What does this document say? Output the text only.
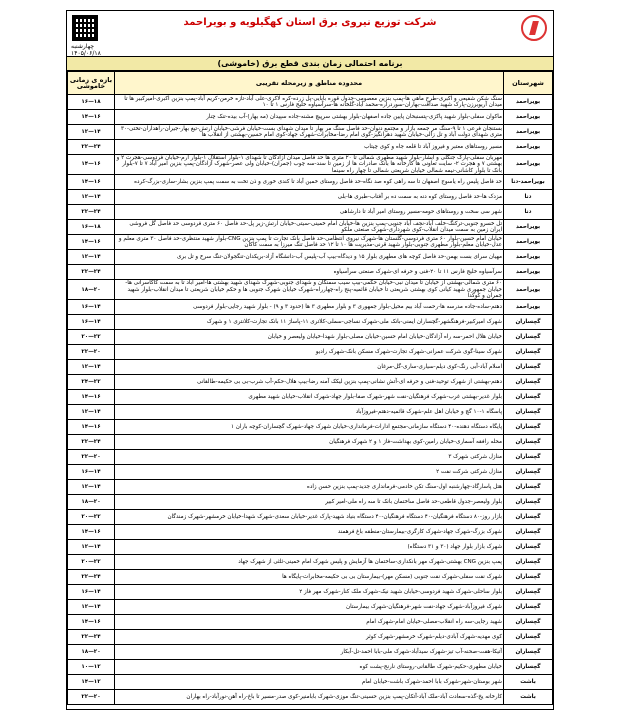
شرکت توزیع نیروی برق استان کهگیلویه و بویراحمد
چهارشنبه
۱۴۰۵/۰۶/۱۸
برنامه احتمالی زمان بندی قطع برق (خاموشی)
شهرستان	محدوده مناطق و زیرمحله تقریبی	بازه ی زمانی خاموشی
بویراحمد	سنگ شکن شفیعی و اکبری-طرح ماهی ها-پمپ بنزین معصومی-جدول قوره بابایی-پل زرده-کره لاکری-علی آباد-تازه خرمن-کریم آباد-پمپ بنزین اکبری-امیرکبیر ها تا میدان آریوبرزن-پارک شهید صداقت-بهاران-سوردراره-محمد آباد-گلخانه ها-سرآسیاوه خلیج فارس ۱ تا ۱۰	۱۶—۱۸
بویراحمد	ماکوان سفلی-بلوار شهید پاکزی-پتسنبحان پایین جاده اصفهان-بلوار بهشتی سرپیچ مشنه-جاده سپیدان (مه بهار)-آب بیده-تنک چنار	۱۴—۱۶
بویراحمد	بستنجان فرعی ۱ تا ۹-سنگ مر جمعه بازار و مجتمع دنوان-حد فاصل سنگ مر بهار تا میدان شهدای بست-خیابان فرشی-خیابان ارتش-تیغ بهار-جیران-راهداران-تختی-۳۰ متری شهدای دولت آباد و تل زالی-خیابان شهید دهرانگیز-گوی امام رضا-مخابرات-شهرک جهاد-کوی امام حسین-بهشتی از انقلاب ها	۱۲—۱۴
بویراحمد	مسیر روستاهای معتبر و فیروز آباد تا قلعه جاه و کوی چیتاب	۲۲—۲۴
بویراحمد	مهربان سفلی-پارک جنگلی و آبشار-بلوار شهید مطهری شمالی تا ۲۰ متری ها حد فاصل میدان آزادگان تا شهدای ۱-بلوار استقلال ۱-بلوار ارم-خیابان فردوسی-هجرت ۲ و بهشتی ۷ و هجرت ۲- سایت تعاونی ها کارخانه ها بانک صادرات ها از زمین تا سند-سه چوب (جمران)-خیابان ولی عصر-شهرک آزادگان-پمپ بنزین امیر آباد ۷ تا ۷-بلوار بانک تا بلوار کاشانی-نیمه شمالی خیابان شریعتی شمالی تا چهار راه سینما	۱۴—۱۶
بویراحمد-دنا	حد فاصل پلیس راه یاسوج اصفهان تا سه راهی کوه صد نگاه-حد فاصل روستای خمین آباد تا کندی خوری و ذن تخت به سمت پمپ بنزین بشار-ساری-بزرگ-کرده	۱۴—۱۶
دنا	مزدک ها-حد فاصل روستای کوه دنه به سمت ده بر آفتاب-طبری ها-بلی	۱۲—۱۴
دنا	شهر سی سخت و روستاهای حومه-مسیر روستای امیر آباد تا دارشاهی	۲۲—۲۴
بویراحمد	تل خسرو جنوبی-ترکنگ-خلف آباد-نجف آباد جنوبی-پمپ بنزین ها-خیابان امام خمینی-سیتی-خیابان ارتش-زیر پل-حد فاصل ۶۰ متری فردوسی حد فاصل گل فروشی ایران زمین به سمت میدان انقلاب-کوی شهرداری-شهرک صنعتی ملکو	۱۶—۱۸
بویراحمد	خیابان امام حسین-بلوار ۶۰ متری فردوسی-گلستان ها-شهرک نیروی انتظامی-حد فاصل بانک تجارت تا پمپ بنزین CNG-بلوار شهید منتظری-حد فاصل ۳۰ متری معلم و عدل-خیابان معلم-بلوار مطهری جنوبی-بلوار شهید قرنی-مدیریت ها ۱۰ تا ۱۲ حد فاصل تنگ میرزا به سمت کاکان	۱۴—۱۶
بویراحمد	مهیان سرای بست بهمن-حد فاصل کوچه های مطهری بلوار ۱۵ و دیدگاه-بیپ آب-پلیس آب-دانشگاه آزاد-بریکدان-تنگجولان-تنگ سرخ و تل بری	۱۲—۱۴
بویراحمد	سرآسیاوه خلیج فارس ۱۱ تا ۲۰-فنی و حرفه ای-شهرک صنعتی سرآسیاوه	۲۲—۲۴
بویراحمد	۶۰ متری شمالی-بهشتی از خیابان تا میدان نبی-خیابان حکمی-بیپ سیب سمنگان و شهدای جنوبی-شهرک شهدای شهید بهشتی ها-امیر آباد تا به سمت کاکاسرانی ها-خیابان جمهوری شهید کیانی کوی بهشتی شریعتی تا خیابان قائمیه-پنج راه-چهارراه-شهرک خیابان شهرک جنوبی ها و حکم خیابان شریعتی تا میدان انقلاب-بلوار شهید جمران و کوکدا	۱۸—۲۰
بویراحمد	دهتم-ساده-جاده مدرسه ها-رحمت آباد بیم محیل-بلوار جمهوری ۳ و بلوار مطهری ۳ ها (حدود ۳ و ۹) - بلوار شهید رجایی-بلوار فردوسی	۱۶—۱۴
گچساران	شهرک امیرکبیر-فرهنگشهر-گچساران ایمنی-بانک ملی-شهرک نساجی-سملی-کلاتری ۱۱-پاساژ ۱۱ بانک تجارت-کلانتری ۱ و شهرک	۱۶—۱۴
گچساران	خیابان هلال احمر-سه راه آزادگان-خیابان امام حسین-خیابان مصلی-بلوار شهدا-خیابان ولیعصر و خیابان	۲۰—۲۲
گچساران	شهرک سینا-گوی شرکت عمرانی-شهرک تجارت-شهرک مسکن بانک-شهرک رادیو	۲۲—۲۰
گچساران	اسلام آباد-آبی رنگ-کوی دیلم-سیاری-ساری-گل-مرغان	۱۲—۱۴
گچساران	دهتم-بهشتی از شهرک توحید-فنی و حرفه ای-آتش نشانی-پمپ بنزین لیکک آمنه رضا-بیپ هلال-حکم-آب شرب-بی بی حکیمه-طالقانی	۲۴—۲۲
گچساران	بلوار غدیر-بهشتی غرب-شهرک فرهنگیان-نفت شهر-شهرک صفا-بلوار جهاد-شهرک انقلاب-خیابان شهید مطهری	۱۴—۱۶
گچساران	پاسگاه ۱-۱۰ گچ و خیابان اهل علم-شهرک قائمیه-دهتم-فیروزآباد	۱۲—۱۴
گچساران	پایگاه دستگاه دهنده-۴۰ دستگاه سازمانی-مجتمع ادارات-فرمانداری-خیابان شهرک جهاد-شهرک گچساران-کوچه باران ۱	۱۴—۱۶
گچساران	محله رافقه آسماری-خیابان رامین-کوی بهداشت-فاز ۱ و ۲ شهرک فرهنگیان	۲۲—۲۴
گچساران	منازل شرکتی شهرک ۳	۲۲—۲۰
گچساران	منازل شرکتی شرکت نفت ۲	۱۶—۱۴
گچساران	هتل پاسارگاد-چهارشنبه اول-سنگ تکن خادمی-فرمانداری جدید-پمپ بنزین حسن زاده	۱۲—۱۴
گچساران	بلوار ولیعصر-جدول قاطعی-حد فاصل ساختمان بانک تا سه راه ملی-امیر کبیر	۱۸—۲۰
گچساران	بازار روز-۸۰ دستگاه فرهنگیان-۴۰ دستگاه فرهنگیان-۴۰ دستگاه بنیاد شهید-پارک غدیر-خیابان سعدی-شهرک شهدا-خیابان خرمشهر-شهرک زمندگان	۲۰—۲۲
گچساران	شهرک بزرگ-شهرک جهاد-شهرک کارگری-بیمارستان-منطقه باغ فرهمند	۱۴—۱۶
گچساران	شهرک بازار بلوار جهاد (۳۰ و ۳۱ دستگاه)	۱۲—۱۴
گچساران	پمپ بنزین CNG بهشتی-شهرک مهر بانکداری-ساختمان ها آزمایش و پلیس شهرک امام خمینی-ثلثی از شهرک جهاد	۲۰—۲۲
گچساران	شهرک نفت سفلی-شهرک نفت جنوبی (مسکن مهر)-بیمارستان بی بی حکیمه-مخابرات-پایگاه ها	۲۲—۲۴
گچساران	بلوار ساحلی-شهرک شهید فردوسی-خیابان شهید نیک-شهرک ملک کنار-شهرک مهر فاز ۲	۱۶—۱۴
گچساران	شهرک فیروزآباد-شهرک جهاد-نفت شهر-فرهنگیان-شهرک بیمارستان	۱۲—۱۴
گچساران	شهید رجایی-سه راه انقلاب-مصلی-خیابان امام-شهرک امام	۱۴—۱۶
گچساران	کوی مهدیه-شهرک آبادی-دیلم-شهرک خرمشهر-شهرک کوثر	۲۲—۲۴
گچساران	آتیکا-هفت-صحنه-آب تیز-شهرک سیدآباد-شهرک ملی-بابا احمد-تل-آبکار	۱۸—۲۰
گچساران	خیابان مطهری-حکیم-شهرک طالقانی-روستای نارنج-پشت کوه	۱۰—۱۲
باشت	شهر بوستان-شهر-شهرک بابا احمد-شهرک باشت-خیابان امام	۱۴—۱۲
باشت	کارخانه یخ-گذه-سعادت آباد-ملک آباد-آتکان-پمپ بنزین حسینی-تنگ موزی-شهرک بابامنیر-کوی صدر-مسیر تا باغ-راه آهن-نورآباد-راه بهاران	۲۲—۲۰
